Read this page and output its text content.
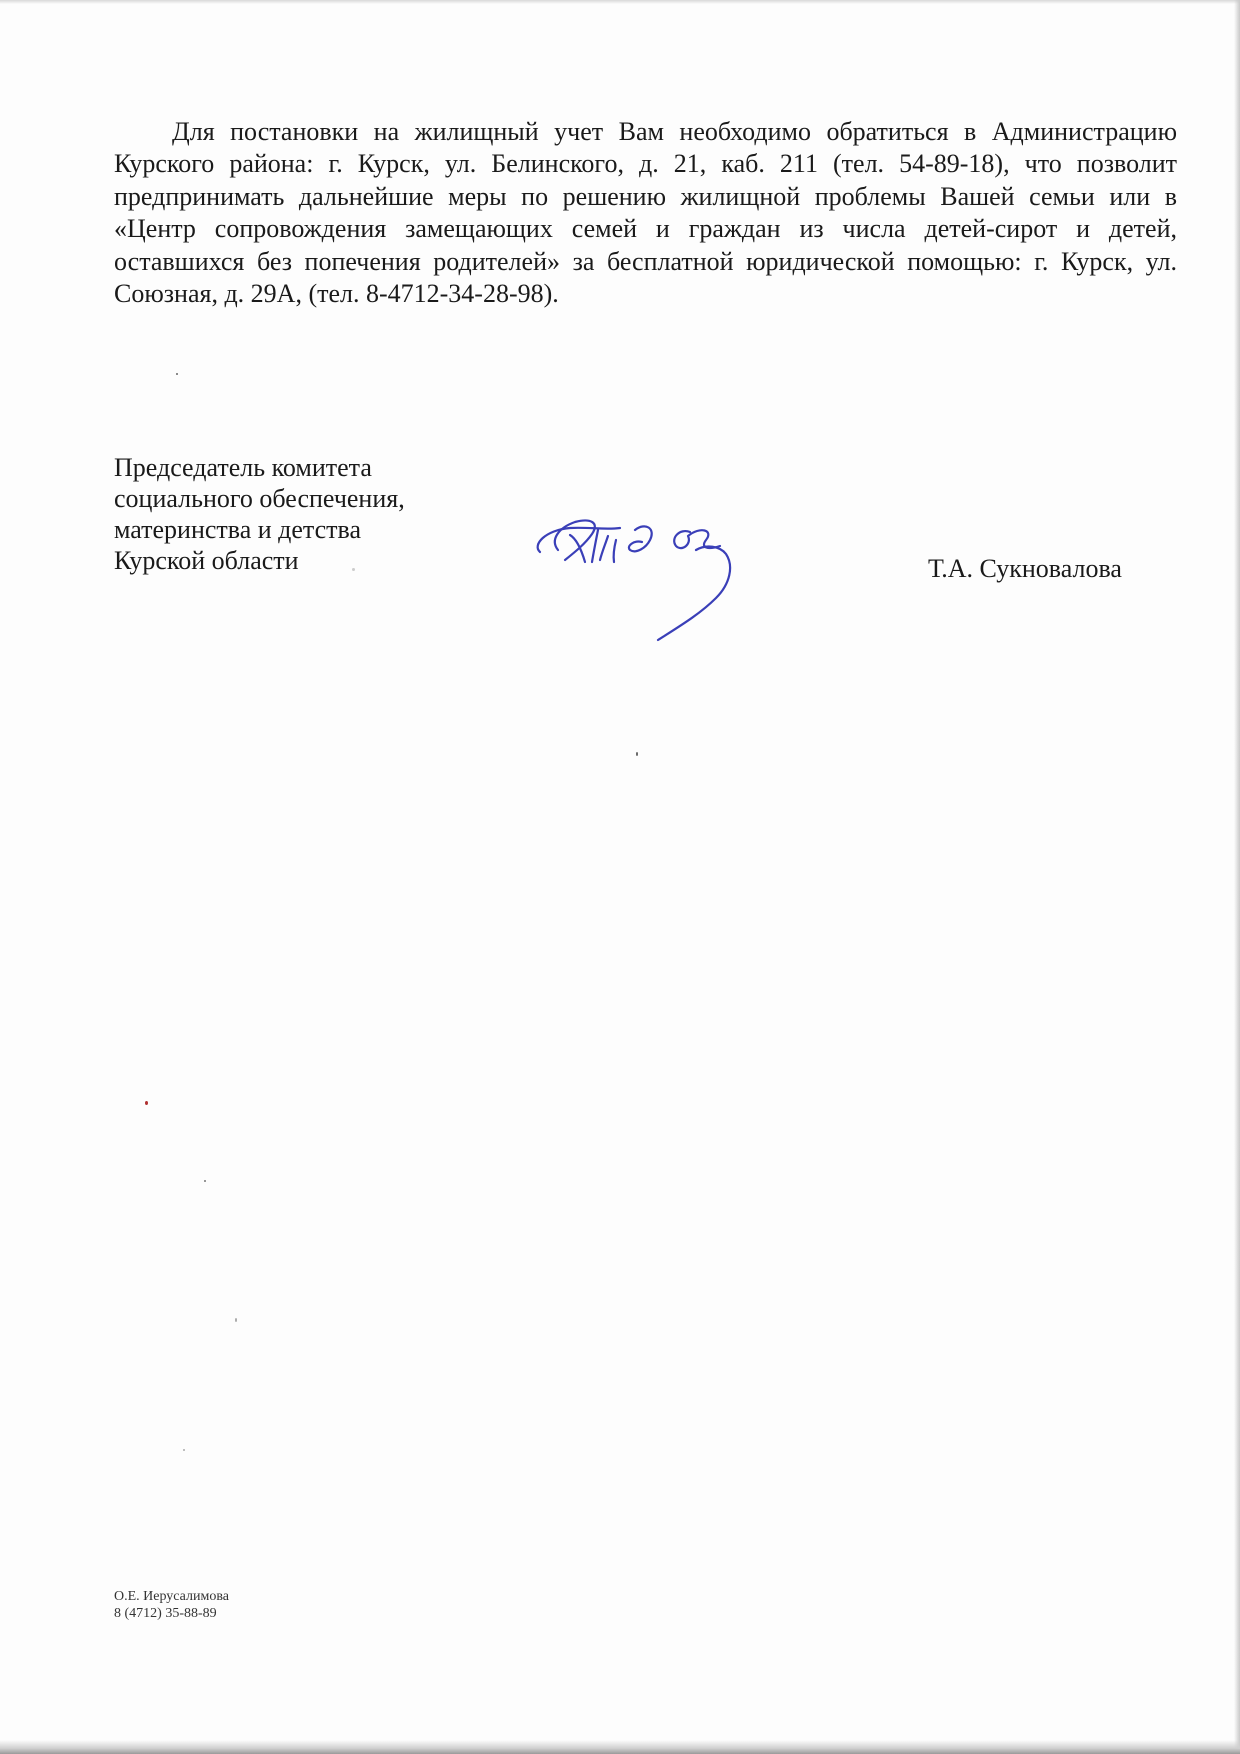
Для постановки на жилищный учет Вам необходимо обратиться в Администрацию Курского района: г. Курск, ул. Белинского, д. 21, каб. 211 (тел. 54-89-18), что позволит предпринимать дальнейшие меры по решению жилищной проблемы Вашей семьи или в «Центр сопровождения замещающих семей и граждан из числа детей-сирот и детей, оставшихся без попечения родителей» за бесплатной юридической помощью: г. Курск, ул. Союзная, д. 29А, (тел. 8-4712-34-28-98).

Председатель комитета
социального обеспечения,
материнства и детства
Курской области	Т.А. Сукновалова
О.Е. Иерусалимова
8 (4712) 35-88-89
